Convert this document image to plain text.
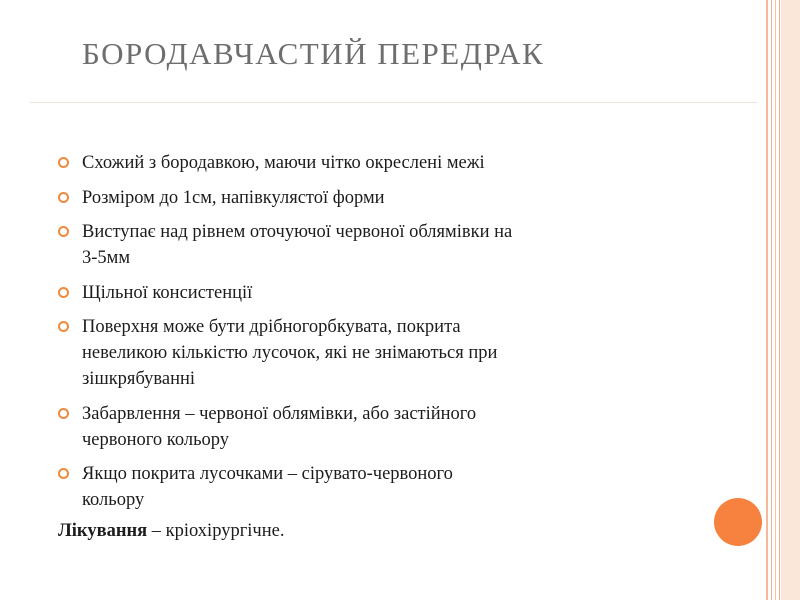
БОРОДАВЧАСТИЙ ПЕРЕДРАК
Схожий з бородавкою, маючи чітко окреслені межі
Розміром до 1см, напівкулястої форми
Виступає над рівнем оточуючої червоної облямівки на
3-5мм
Щільної консистенції
Поверхня може бути дрібногорбкувата, покрита
невеликою кількістю лусочок, які не знімаються при
зішкрябуванні
Забарвлення – червоної облямівки, або застійного
червоного кольору
Якщо покрита лусочками – сірувато-червоного
кольору
Лікування – кріохірургічне.
